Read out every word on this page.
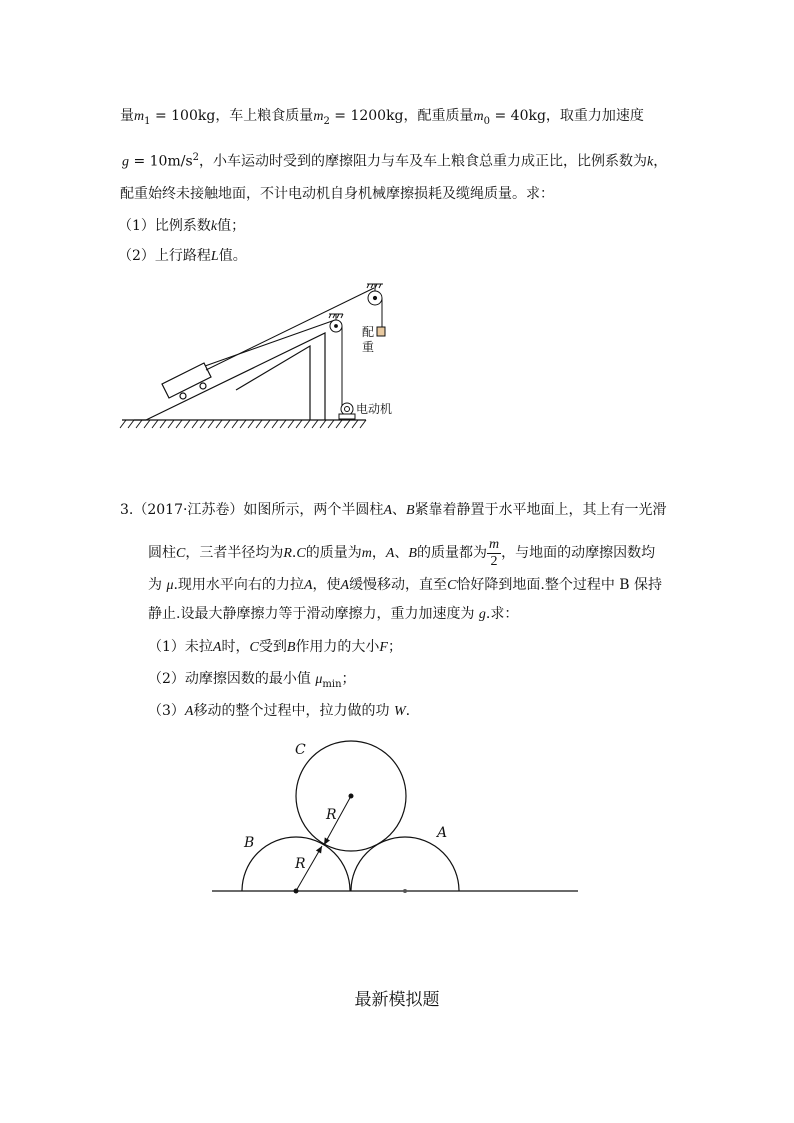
量$m_1 = 100kg$，车上粮食质量$m_2 = 1200kg$，配重质量$m_0 = 40kg$，取重力加速度
$g = 10m/s^2$，小车运动时受到的摩擦阻力与车及车上粮食总重力成正比，比例系数为k，
配重始终未接触地面，不计电动机自身机械摩擦损耗及缆绳质量。求：
（1）比例系数k值；
（2）上行路程L值。
配
重
电动机
3.（2017·江苏卷）如图所示，两个半圆柱A、B紧靠着静置于水平地面上，其上有一光滑
圆柱C，三者半径均为R.C的质量为m，A、B的质量都为 $\frac{m}{2}$ ，与地面的动摩擦因数均
为 μ.现用水平向右的力拉A，使A缓慢移动，直至C恰好降到地面.整个过程中 B 保持
静止.设最大静摩擦力等于滑动摩擦力，重力加速度为 g.求：
（1）未拉A时，C受到B作用力的大小F；
（2）动摩擦因数的最小值 $\mu_{min}$；
（3）A移动的整个过程中，拉力做的功 W.
C
B
A
R
R
最新模拟题
